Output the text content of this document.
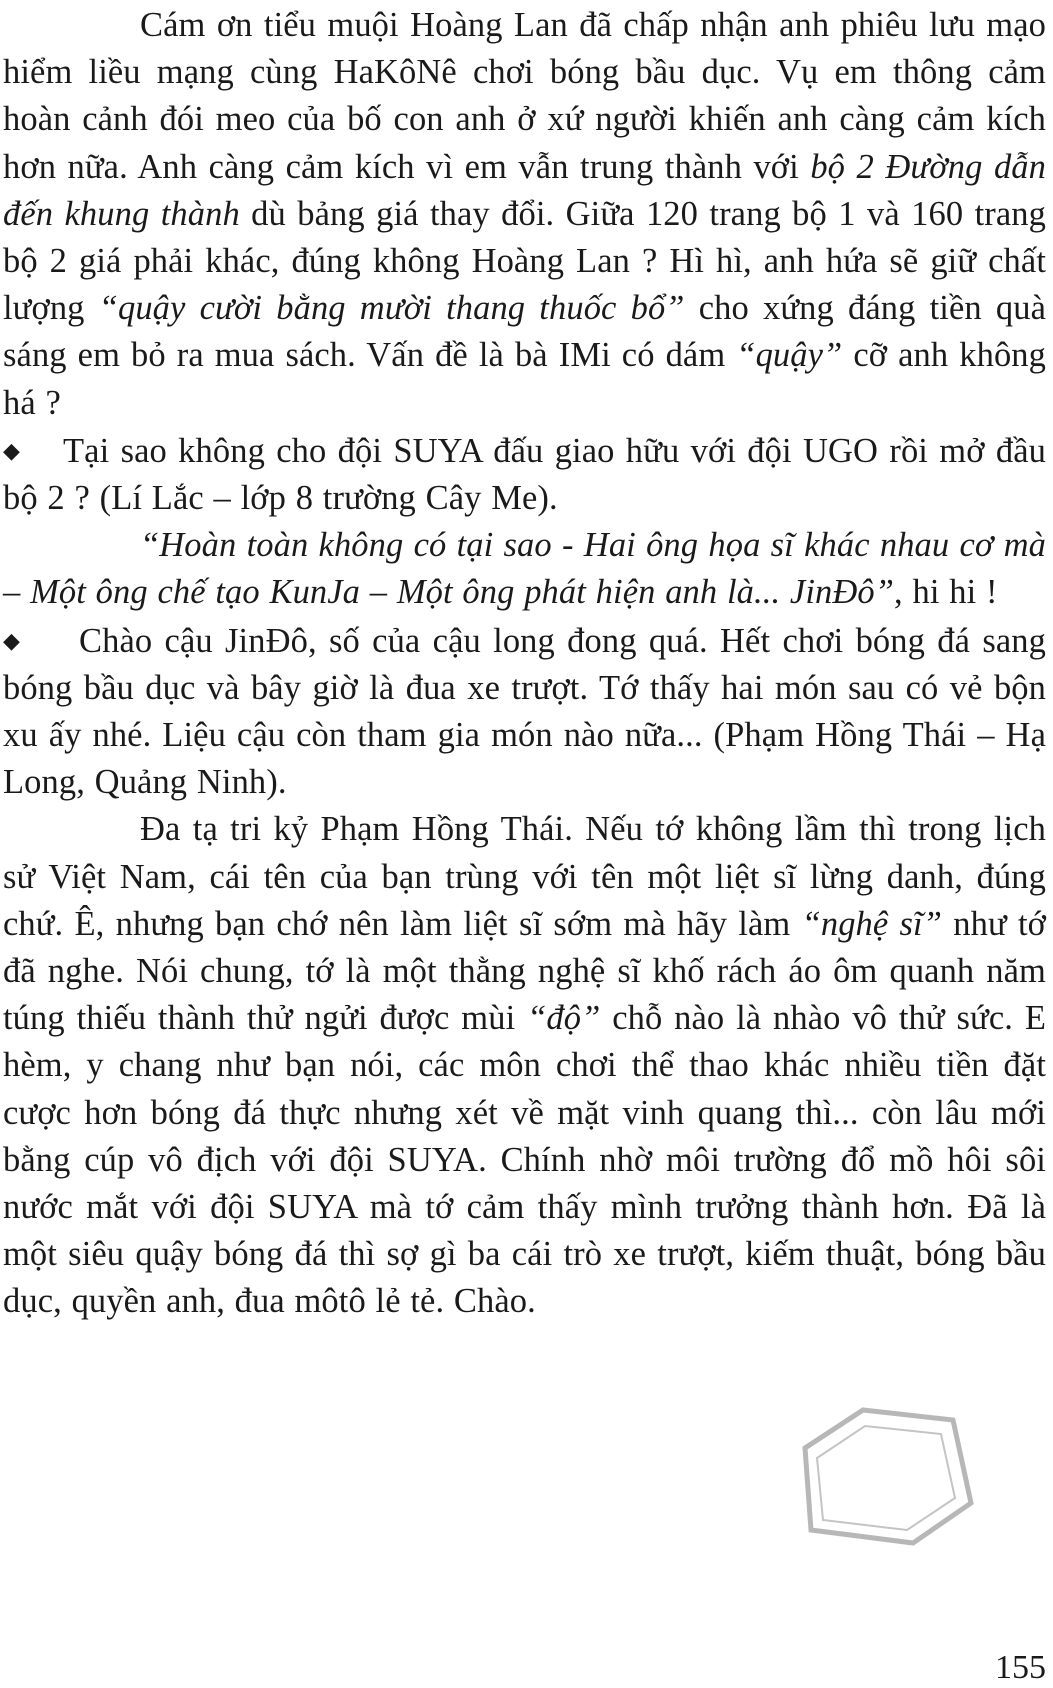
Cám ơn tiểu muội Hoàng Lan đã chấp nhận anh phiêu lưu mạo hiểm liều mạng cùng HaKôNê chơi bóng bầu dục. Vụ em thông cảm hoàn cảnh đói meo của bố con anh ở xứ người khiến anh càng cảm kích hơn nữa. Anh càng cảm kích vì em vẫn trung thành với bộ 2 Đường dẫn đến khung thành dù bảng giá thay đổi. Giữa 120 trang bộ 1 và 160 trang bộ 2 giá phải khác, đúng không Hoàng Lan ? Hì hì, anh hứa sẽ giữ chất lượng “quậy cười bằng mười thang thuốc bổ” cho xứng đáng tiền quà sáng em bỏ ra mua sách. Vấn đề là bà IMi có dám “quậy” cỡ anh không há ?

◆ Tại sao không cho đội SUYA đấu giao hữu với đội UGO rồi mở đầu bộ 2 ? (Lí Lắc – lớp 8 trường Cây Me).

“Hoàn toàn không có tại sao - Hai ông họa sĩ khác nhau cơ mà – Một ông chế tạo KunJa – Một ông phát hiện anh là... JinĐô”, hi hi !

◆ Chào cậu JinĐô, số của cậu long đong quá. Hết chơi bóng đá sang bóng bầu dục và bây giờ là đua xe trượt. Tớ thấy hai món sau có vẻ bộn xu ấy nhé. Liệu cậu còn tham gia món nào nữa... (Phạm Hồng Thái – Hạ Long, Quảng Ninh).

Đa tạ tri kỷ Phạm Hồng Thái. Nếu tớ không lầm thì trong lịch sử Việt Nam, cái tên của bạn trùng với tên một liệt sĩ lừng danh, đúng chứ. Ê, nhưng bạn chớ nên làm liệt sĩ sớm mà hãy làm “nghệ sĩ” như tớ đã nghe. Nói chung, tớ là một thằng nghệ sĩ khố rách áo ôm quanh năm túng thiếu thành thử ngửi được mùi “độ” chỗ nào là nhào vô thử sức. E hèm, y chang như bạn nói, các môn chơi thể thao khác nhiều tiền đặt cược hơn bóng đá thực nhưng xét về mặt vinh quang thì... còn lâu mới bằng cúp vô địch với đội SUYA. Chính nhờ môi trường đổ mồ hôi sôi nước mắt với đội SUYA mà tớ cảm thấy mình trưởng thành hơn. Đã là một siêu quậy bóng đá thì sợ gì ba cái trò xe trượt, kiếm thuật, bóng bầu dục, quyền anh, đua môtô lẻ tẻ. Chào.

155
